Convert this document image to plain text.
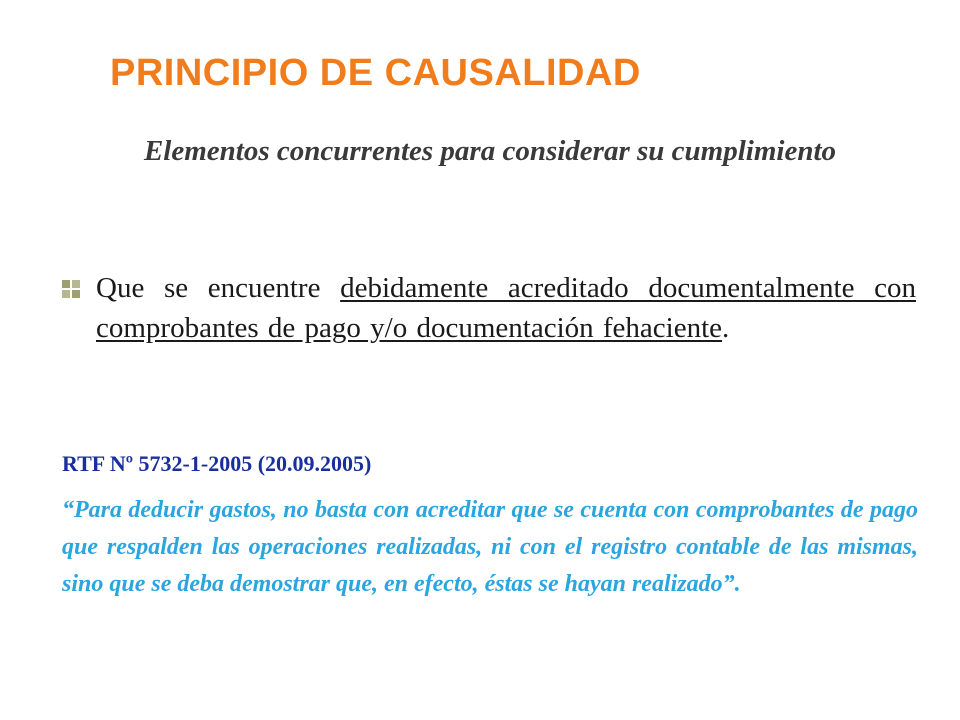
PRINCIPIO DE CAUSALIDAD

Elementos concurrentes para considerar su cumplimiento

Que se encuentre debidamente acreditado documentalmente con comprobantes de pago y/o documentación fehaciente.

RTF Nº 5732-1-2005 (20.09.2005)

“Para deducir gastos, no basta con acreditar que se cuenta con comprobantes de pago que respalden las operaciones realizadas, ni con el registro contable de las mismas, sino que se deba demostrar que, en efecto, éstas se hayan realizado”.
